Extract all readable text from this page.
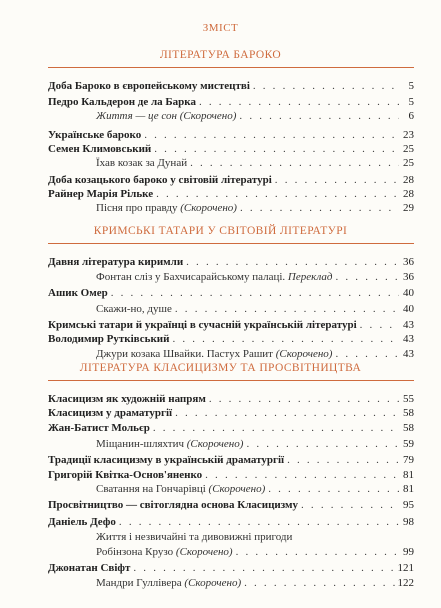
ЗМІСТ
ЛІТЕРАТУРА БАРОКО
Доба Бароко в європейському мистецтві . . .	5
Педро Кальдерон де ла Барка . . .	5
Життя — це сон (Скорочено) . . .	6
Українське бароко . . .	23
Семен Климовський . . .	25
Їхав козак за Дунай . . .	25
Доба козацького бароко у світовій літературі . . .	28
Райнер Марія Рільке . . .	28
Пісня про правду (Скорочено) . . .	29
КРИМСЬКІ ТАТАРИ У СВІТОВІЙ ЛІТЕРАТУРІ
Давня література киримли . . .	36
Фонтан сліз у Бахчисарайському палаці. Переклад . . .	36
Ашик Омер . . .	40
Скажи-но, душе . . .	40
Кримські татари й українці в сучасній українській літературі . . .	43
Володимир Рутківський . . .	43
Джури козака Швайки. Пастух Рашит (Скорочено) . . .	43
ЛІТЕРАТУРА КЛАСИЦИЗМУ ТА ПРОСВІТНИЦТВА
Класицизм як художній напрям . . .	55
Класицизм у драматургії . . .	58
Жан-Батист Мольєр . . .	58
Міщанин-шляхтич (Скорочено) . . .	59
Традиції класицизму в українській драматургії . . .	79
Григорій Квітка-Основ'яненко . . .	81
Сватання на Гончарівці (Скорочено) . . .	81
Просвітництво — світоглядна основа Класицизму . . .	95
Даніель Дефо . . .	98
Життя і незвичайні та дивовижні пригоди
Робінзона Крузо (Скорочено) . . .	99
Джонатан Свіфт . . .	121
Мандри Гуллівера (Скорочено) . . .	122
